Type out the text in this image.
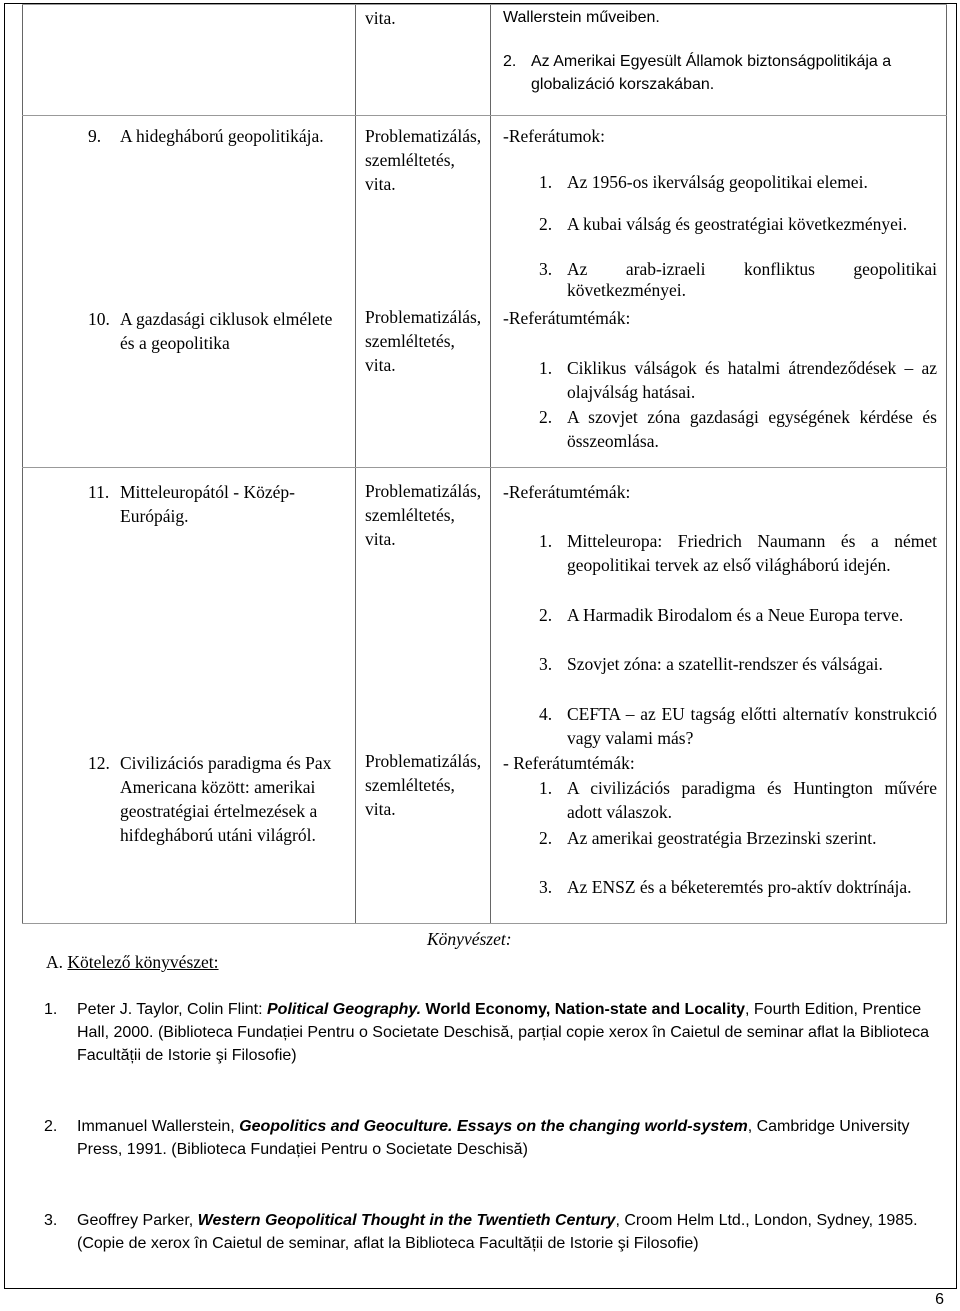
vita.	Wallerstein műveiben.
2. Az Amerikai Egyesült Államok biztonságpolitikája a globalizáció korszakában.
9.	A hidegháború geopolitikája. Problematizálás,
szemléltetés,
vita.
-Referátumok:
1. Az 1956-os ikerválság geopolitikai elemei.
2. A kubai válság és geostratégiai következményei.
3. Az arab-izraeli konfliktus geopolitikai következményei.
10. A gazdasági ciklusok elmélete és a geopolitika
Problematizálás,
szemléltetés,
vita.
-Referátumtémák:
1. Ciklikus válságok és hatalmi átrendeződések – az olajválság hatásai.
2. A szovjet zóna gazdasági egységének kérdése és összeomlása.
11. Mitteleuropától - Közép-Európáig.
Problematizálás,
szemléltetés,
vita.
-Referátumtémák:
1. Mitteleuropa: Friedrich Naumann és a német geopolitikai tervek az első világháború idején.
2. A Harmadik Birodalom és a Neue Europa terve.
3. Szovjet zóna: a szatellit-rendszer és válságai.
4. CEFTA – az EU tagság előtti alternatív konstrukció vagy valami más?
12. Civilizációs paradigma és Pax Americana között: amerikai geostratégiai értelmezések a hifdegháború utáni világról.
Problematizálás,
szemléltetés,
vita.
- Referátumtémák:
1. A civilizációs paradigma és Huntington művére adott válaszok.
2. Az amerikai geostratégia Brzezinski szerint.
3. Az ENSZ és a béketeremtés pro-aktív doktrínája.
Könyvészet:
A. Kötelező könyvészet:
1. Peter J. Taylor, Colin Flint: Political Geography. World Economy, Nation-state and Locality, Fourth Edition, Prentice Hall, 2000. (Biblioteca Fundației Pentru o Societate Deschisă, parțial copie xerox în Caietul de seminar aflat la Biblioteca Facultății de Istorie şi Filosofie)
2. Immanuel Wallerstein, Geopolitics and Geoculture. Essays on the changing world-system, Cambridge University Press, 1991. (Biblioteca Fundației Pentru o Societate Deschisă)
3. Geoffrey Parker, Western Geopolitical Thought in the Twentieth Century, Croom Helm Ltd., London, Sydney, 1985. (Copie de xerox în Caietul de seminar, aflat la Biblioteca Facultății de Istorie şi Filosofie)
6
